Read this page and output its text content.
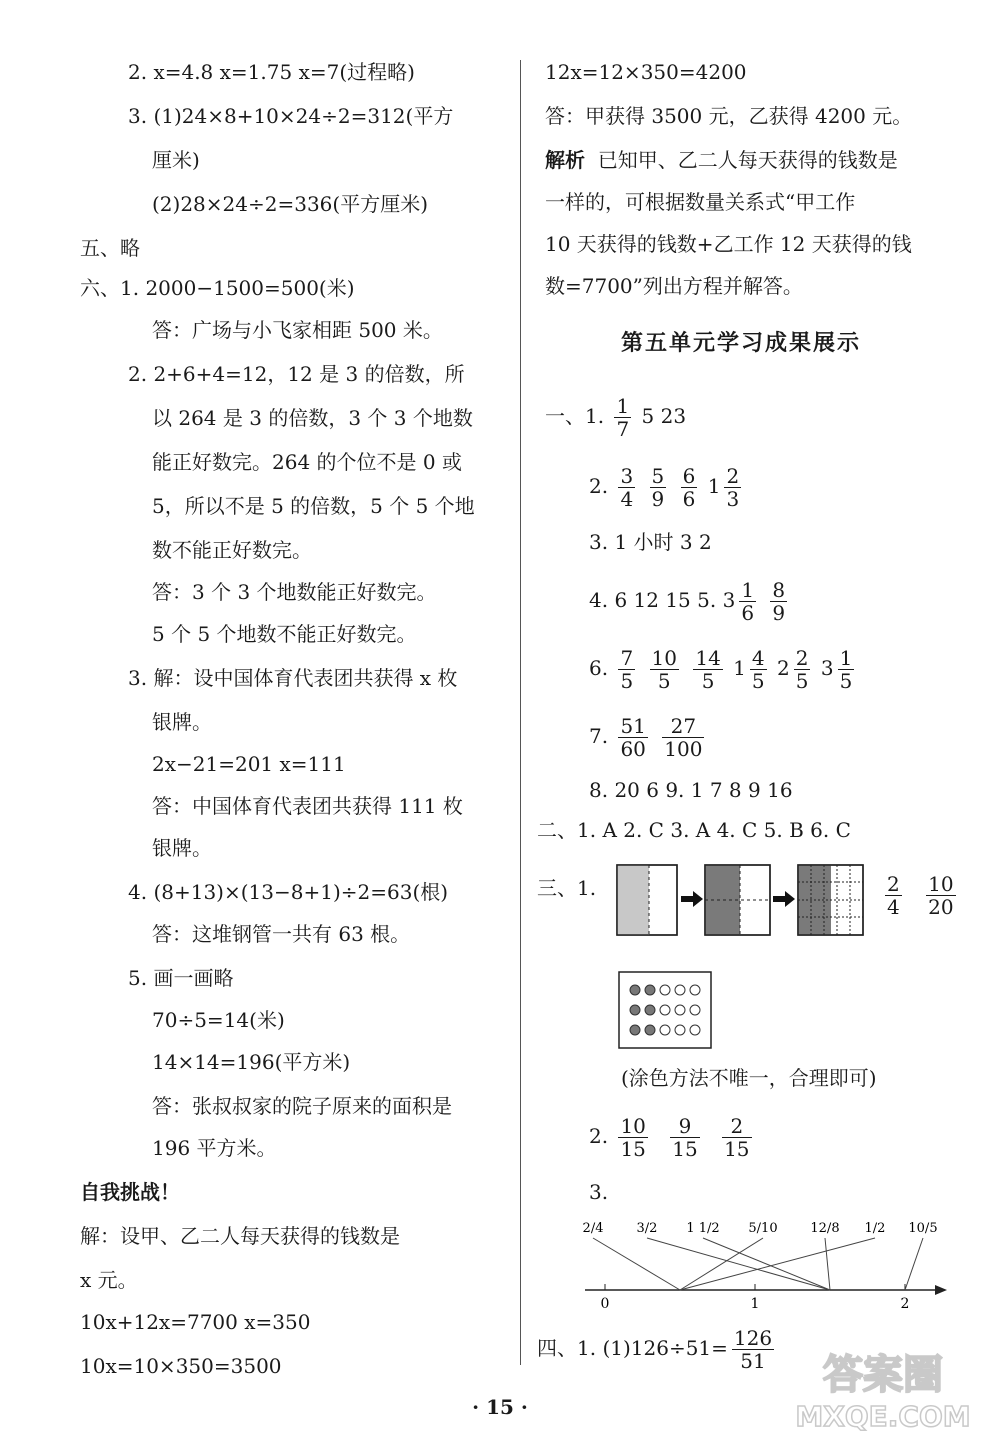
2. x=4.8 x=1.75 x=7(过程略)
3. (1)24×8+10×24÷2=312(平方
厘米)
(2)28×24÷2=336(平方厘米)
五、略
六、1. 2000−1500=500(米)
答：广场与小飞家相距 500 米。
2. 2+6+4=12，12 是 3 的倍数，所
以 264 是 3 的倍数，3 个 3 个地数
能正好数完。264 的个位不是 0 或
5，所以不是 5 的倍数，5 个 5 个地
数不能正好数完。
答：3 个 3 个地数能正好数完。
5 个 5 个地数不能正好数完。
3. 解：设中国体育代表团共获得 x 枚
银牌。
2x−21=201 x=111
答：中国体育代表团共获得 111 枚
银牌。
4. (8+13)×(13−8+1)÷2=63(根)
答：这堆钢管一共有 63 根。
5. 画一画略
70÷5=14(米)
14×14=196(平方米)
答：张叔叔家的院子原来的面积是
196 平方米。
自我挑战！
解：设甲、乙二人每天获得的钱数是
x 元。
10x+12x=7700 x=350
10x=10×350=3500
12x=12×350=4200
答：甲获得 3500 元，乙获得 4200 元。
解析 已知甲、乙二人每天获得的钱数是
一样的，可根据数量关系式“甲工作
10 天获得的钱数+乙工作 12 天获得的钱
数=7700”列出方程并解答。
第五单元学习成果展示
一、1. $\frac{1}{7} 5$ 23
2. $\frac{3}{4}$
$\frac{5}{9}$
$\frac{6}{6} 1 \frac{2}{3}$
3. 1 小时 3 2
4. 6 12 15 5. $3 \frac{1}{6}$
$\frac{8}{9}$
6. $\frac{7}{5}$
$\frac{10}{5}$
$\frac{14}{5} 1 \frac{4}{5} 2 \frac{2}{5} 3 \frac{1}{5}$
7. $\frac{51}{60}$
$\frac{27}{100}$
8. 20 6 9. 1 7 8 9 16
二、1. A 2. C 3. A 4. C 5. B 6. C
三、1.	$\frac{2}{4}$
$\frac{10}{20}$
(涂色方法不唯一，合理即可)
2. $\frac{10}{15}$
$\frac{9}{15}$
$\frac{2}{15}$
3.
0	1	2
2/4	3/2 1 1/2 5/10	12/8 1/2 10/5
四、1. $(1)126\div 51= \frac{126}{51}$
· 15 ·
答案圈
MXQE.COM
